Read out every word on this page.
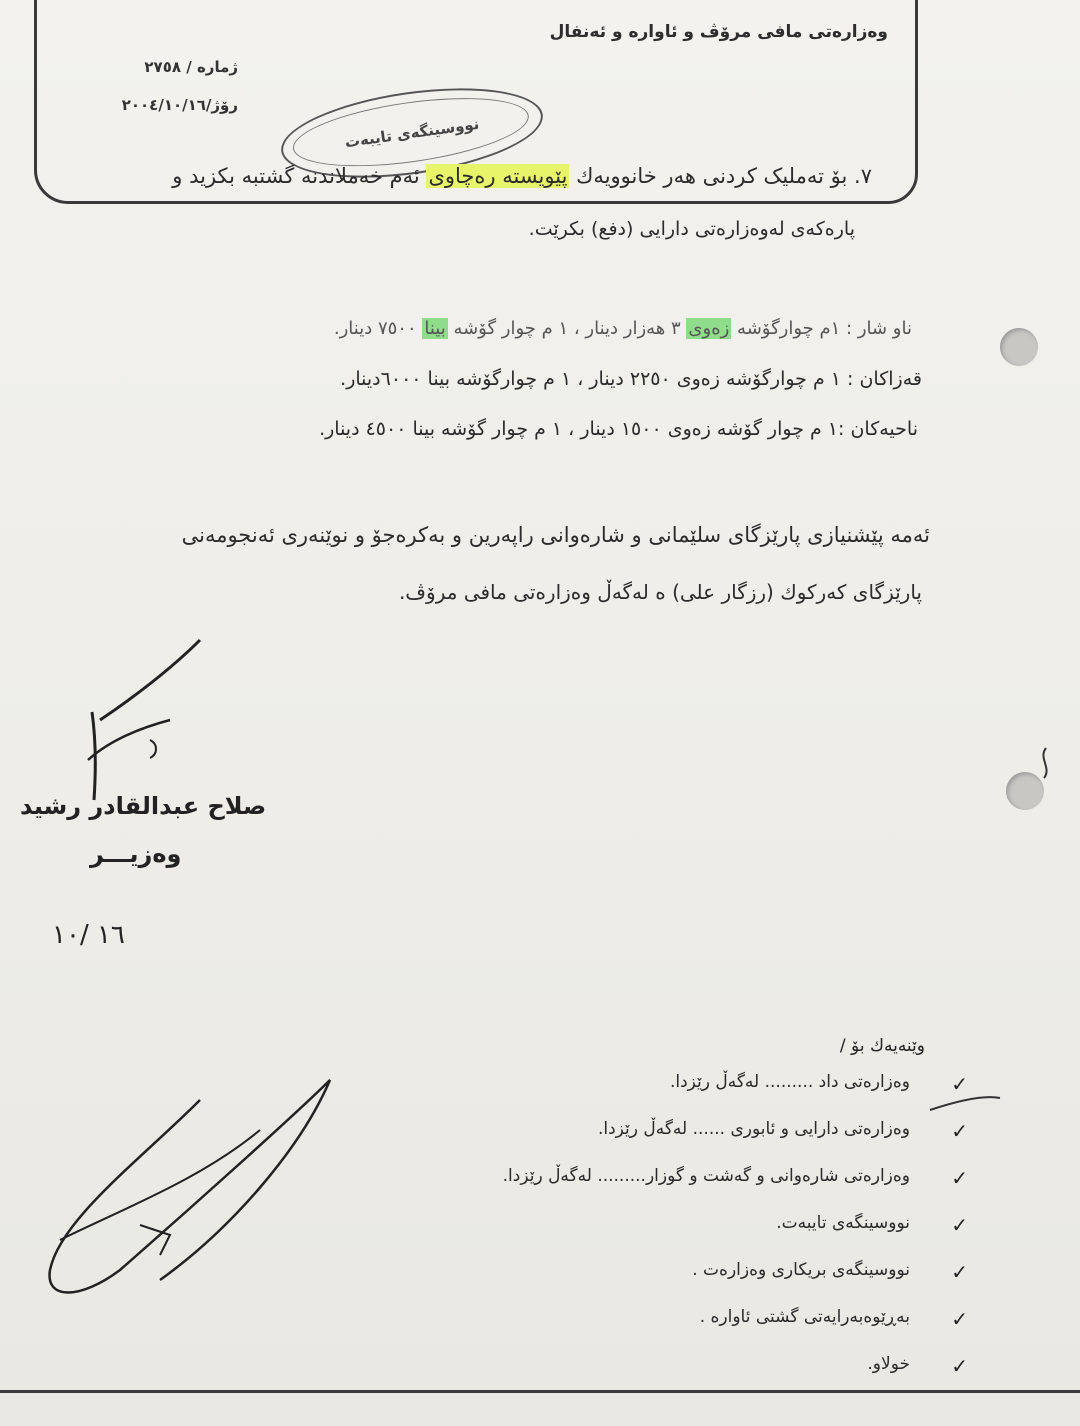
وەزارەتی مافی مرۆڤ و ئاوارە و ئەنفال
ژمارە / ٢٧٥٨
رۆژ/٢٠٠٤/١٠/١٦
نووسینگەی تایبەت
٧. بۆ تەملیک کردنی هەر خانوویەك پێویستە رەچاوی ئەم خەملاندنە گشتبە بکزید و
پارەکەی لەوەزارەتی دارایی (دفع) بکرێت.
ناو شار : ١م چوارگۆشە زەوی ٣ هەزار دینار ، ١ م چوار گۆشە بینا ٧٥٠٠ دینار.
قەزاکان : ١ م چوارگۆشە زەوی ٢٢٥٠ دینار ، ١ م چوارگۆشە بینا ٦٠٠٠دینار.
ناحیەکان :١ م چوار گۆشە زەوی ١٥٠٠ دینار ، ١ م چوار گۆشە بینا ٤٥٠٠ دینار.
ئەمە پێشنیازی پارێزگای سلێمانی و شارەوانی راپەرین و بەکرەجۆ و نوێنەری ئەنجومەنی
پارێزگای کەرکوك (رزگار علی) ە لەگەڵ وەزارەتی مافی مرۆڤ.
صلاح عبدالقادر رشید
وەزیـــر
١٦ /١٠
وێنەیەك بۆ /
✓
وەزارەتی داد ......... لەگەڵ رێزدا.
✓
وەزارەتی دارایی و ئابوری ...... لەگەڵ رێزدا.
✓
وەزارەتی شارەوانی و گەشت و گوزار......... لەگەڵ رێزدا.
✓
نووسینگەی تایبەت.
✓
نووسینگەی بریکاری وەزارەت .
✓
بەڕێوەبەرایەتی گشتی ئاوارە .
✓
خولاو.
